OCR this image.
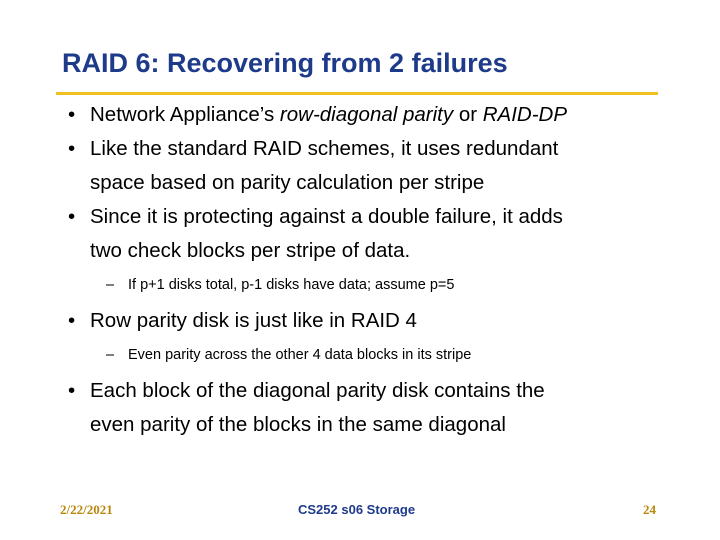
RAID 6: Recovering from 2 failures
• Network Appliance’s row-diagonal parity or RAID-DP
• Like the standard RAID schemes, it uses redundant
space based on parity calculation per stripe
• Since it is protecting against a double failure, it adds
two check blocks per stripe of data.
– If p+1 disks total, p-1 disks have data; assume p=5
• Row parity disk is just like in RAID 4
– Even parity across the other 4 data blocks in its stripe
• Each block of the diagonal parity disk contains the
even parity of the blocks in the same diagonal
2/22/2021	CS252 s06 Storage	24
